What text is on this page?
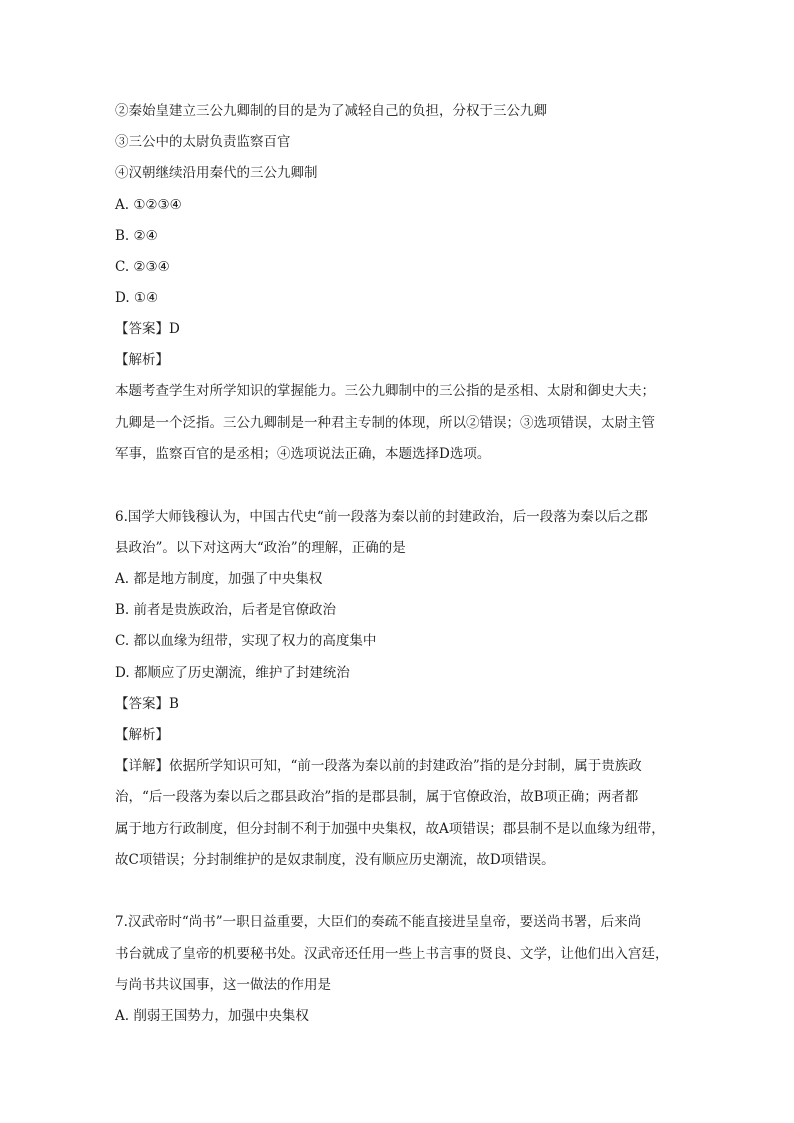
②秦始皇建立三公九卿制的目的是为了减轻自己的负担，分权于三公九卿
③三公中的太尉负责监察百官
④汉朝继续沿用秦代的三公九卿制
A. ①②③④
B. ②④
C. ②③④
D. ①④
【答案】D
【解析】
本题考查学生对所学知识的掌握能力。三公九卿制中的三公指的是丞相、太尉和御史大夫；
九卿是一个泛指。三公九卿制是一种君主专制的体现，所以②错误；③选项错误，太尉主管
军事，监察百官的是丞相；④选项说法正确，本题选择D选项。
6.国学大师钱穆认为，中国古代史“前一段落为秦以前的封建政治，后一段落为秦以后之郡
县政治”。以下对这两大“政治”的理解，正确的是
A. 都是地方制度，加强了中央集权
B. 前者是贵族政治，后者是官僚政治
C. 都以血缘为纽带，实现了权力的高度集中
D. 都顺应了历史潮流，维护了封建统治
【答案】B
【解析】
【详解】依据所学知识可知，“前一段落为秦以前的封建政治”指的是分封制，属于贵族政
治，“后一段落为秦以后之郡县政治”指的是郡县制，属于官僚政治，故B项正确；两者都
属于地方行政制度，但分封制不利于加强中央集权，故A项错误；郡县制不是以血缘为纽带，
故C项错误；分封制维护的是奴隶制度，没有顺应历史潮流，故D项错误。
7.汉武帝时“尚书”一职日益重要，大臣们的奏疏不能直接进呈皇帝，要送尚书署，后来尚
书台就成了皇帝的机要秘书处。汉武帝还任用一些上书言事的贤良、文学，让他们出入宫廷，
与尚书共议国事，这一做法的作用是
A. 削弱王国势力，加强中央集权
